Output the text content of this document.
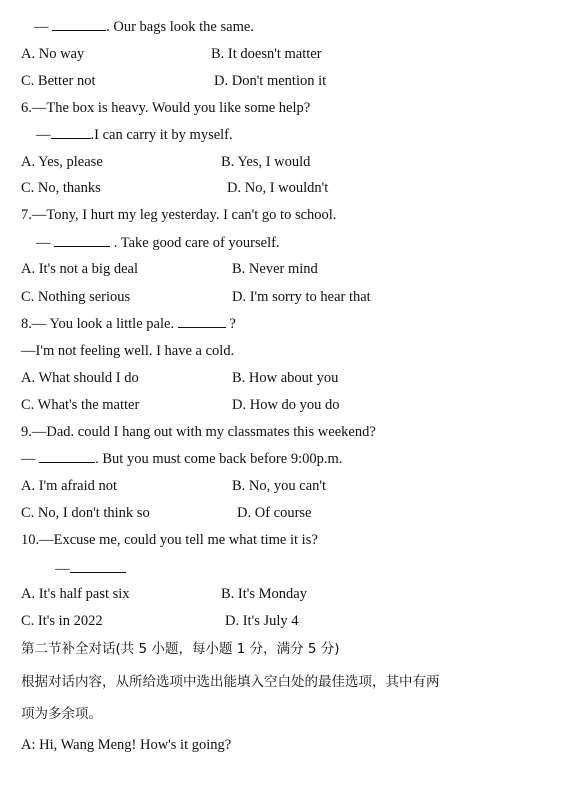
—	. Our bags look the same.
A. No way	B. It doesn't matter
C. Better not	D. Don't mention it
6.—The box is heavy. Would you like some help?
—	.I can carry it by myself.
A. Yes, please	B. Yes, I would
C. No, thanks	D. No, I wouldn't
7.—Tony, I hurt my leg yesterday. I can't go to school.
—	. Take good care of yourself.
A. It's not a big deal	B. Never mind
C. Nothing serious	D. I'm sorry to hear that
8.— You look a little pale.	?
—I'm not feeling well. I have a cold.
A. What should I do	B. How about you
C. What's the matter	D. How do you do
9.—Dad. could I hang out with my classmates this weekend?
—	. But you must come back before 9:00p.m.
A. I'm afraid not	B. No, you can't
C. No, I don't think so	D. Of course
10.—Excuse me, could you tell me what time it is?
—
A. It's half past six	B. It's Monday
C. It's in 2022	D. It's July 4
第二节补全对话(共 5 小题，每小题 1 分，满分 5 分)
根据对话内容，从所给选项中选出能填入空白处的最佳选项，其中有两
项为多余项。
A: Hi, Wang Meng! How's it going?
